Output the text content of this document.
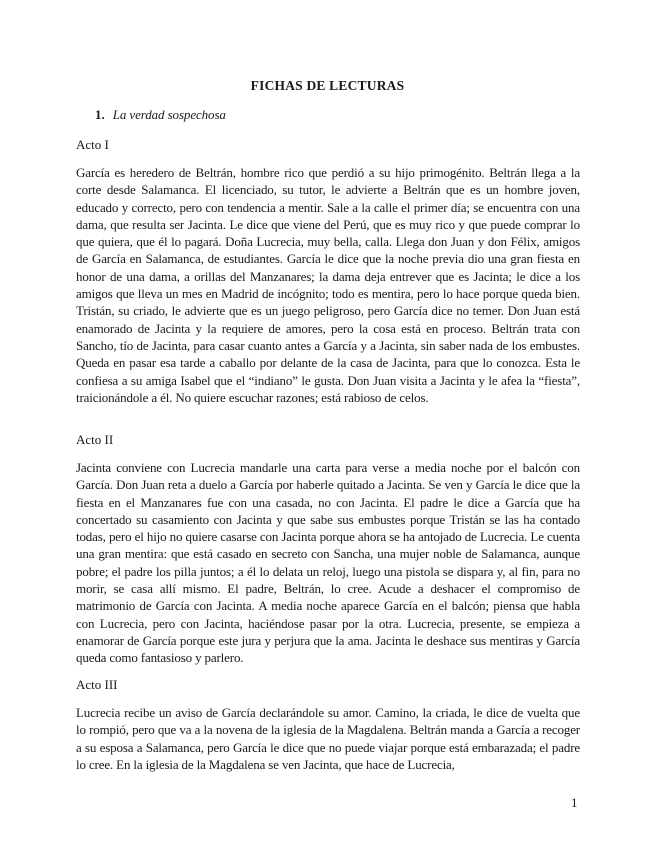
FICHAS DE LECTURAS
1. La verdad sospechosa
Acto I

García es heredero de Beltrán, hombre rico que perdió a su hijo primogénito. Beltrán llega a la corte desde Salamanca. El licenciado, su tutor, le advierte a Beltrán que es un hombre joven, educado y correcto, pero con tendencia a mentir. Sale a la calle el primer día; se encuentra con una dama, que resulta ser Jacinta. Le dice que viene del Perú, que es muy rico y que puede comprar lo que quiera, que él lo pagará. Doña Lucrecia, muy bella, calla. Llega don Juan y don Félix, amigos de García en Salamanca, de estudiantes. García le dice que la noche previa dio una gran fiesta en honor de una dama, a orillas del Manzanares; la dama deja entrever que es Jacinta; le dice a los amigos que lleva un mes en Madrid de incógnito; todo es mentira, pero lo hace porque queda bien. Tristán, su criado, le advierte que es un juego peligroso, pero García dice no temer. Don Juan está enamorado de Jacinta y la requiere de amores, pero la cosa está en proceso. Beltrán trata con Sancho, tío de Jacinta, para casar cuanto antes a García y a Jacinta, sin saber nada de los embustes. Queda en pasar esa tarde a caballo por delante de la casa de Jacinta, para que lo conozca. Esta le confiesa a su amiga Isabel que el “indiano” le gusta. Don Juan visita a Jacinta y le afea la “fiesta”, traicionándole a él. No quiere escuchar razones; está rabioso de celos.

Acto II

Jacinta conviene con Lucrecia mandarle una carta para verse a media noche por el balcón con García. Don Juan reta a duelo a García por haberle quitado a Jacinta. Se ven y García le dice que la fiesta en el Manzanares fue con una casada, no con Jacinta. El padre le dice a García que ha concertado su casamiento con Jacinta y que sabe sus embustes porque Tristán se las ha contado todas, pero el hijo no quiere casarse con Jacinta porque ahora se ha antojado de Lucrecia. Le cuenta una gran mentira: que está casado en secreto con Sancha, una mujer noble de Salamanca, aunque pobre; el padre los pilla juntos; a él lo delata un reloj, luego una pistola se dispara y, al fin, para no morir, se casa allí mismo. El padre, Beltrán, lo cree. Acude a deshacer el compromiso de matrimonio de García con Jacinta. A media noche aparece García en el balcón; piensa que habla con Lucrecia, pero con Jacinta, haciéndose pasar por la otra. Lucrecia, presente, se empieza a enamorar de García porque este jura y perjura que la ama. Jacinta le deshace sus mentiras y García queda como fantasioso y parlero.

Acto III

Lucrecia recibe un aviso de García declarándole su amor. Camino, la criada, le dice de vuelta que lo rompió, pero que va a la novena de la iglesia de la Magdalena. Beltrán manda a García a recoger a su esposa a Salamanca, pero García le dice que no puede viajar porque está embarazada; el padre lo cree. En la iglesia de la Magdalena se ven Jacinta, que hace de Lucrecia,

1
